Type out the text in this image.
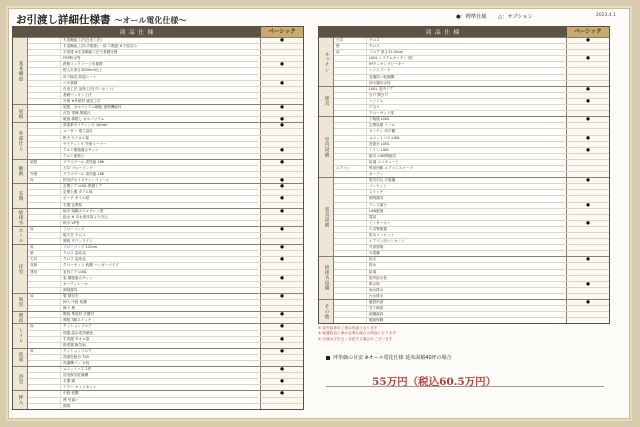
お引渡し詳細仕様書 ～オール電化仕様～	●：標準仕様 △：オプション	2023.4.1
商 品 仕 様	ベーシック
基本構造
木造軸組工法(在来工法)	●
木造軸組工法(２階建) 一部 ３階建 ※下屋含み
平屋建 ※木造軸組工法で基礎仕様
FRP防水等
鉄筋コンクリート布基礎	●
根入れ深さ300mm以上
床下換気 防湿シート
ベタ基礎	●
在来工法 金物工法(プレカット)
基礎パッキン工法
外壁 ※外壁材 通気工法
屋根
屋根：ガルバリウム鋼板 遮熱機能付	●
瓦葺 寄棟 陶器瓦
破風 鼻隠し ガルバリウム	●
外部仕上
窯業系サイディング 16mm	●
メーター 電力量計
軒天 ケイカル板
サイディング 外壁コーナー
アルミ樹脂複合サッシ	●
アルミ面格子
断熱
屋根	グラスウール 高性能 16K	●
天井 ブローイング
外壁	グラスウール 高性能 16K
床	押出法ポリスチレンフォーム	●
玄関
玄関ドア LIXIL 断熱ドア	●
玄関土間 タイル貼
ポーチ タイル貼	●
手摺 玄関框
給排水	給水 架橋ポリエチレン管	●
給水 ※ 市水道本管より引込
排水 VP管
ホール	床	フローリング	●
壁天井 クロス
照明 ダウンライト
洋室
床	フローリング 12mm	●
壁	クロス 量産品
天井	クロス 量産品	●
収納	クローゼット 枕棚 ハンガーパイプ
建具	室内ドア LIXIL
窓 樹脂複合サッシ	●
カーテンレール
照明器具
和室
床	畳 縁付き	●
押入 中段 枕棚
障子 襖
階段	階段 集成材 手摺付	●
照明 3路スイッチ
トイレ
床	クッションフロア	●
便器 温水洗浄便座
手洗器 タオル掛	●
紙巻器 換気扇
洗面
床	クッションフロア	●
洗面化粧台 750
洗濯機パン 水栓
浴室
ユニットバス 1坪	●
浴室換気乾燥機
手摺 鏡	●
ミラー キャビネット
押入
中段 枕棚	●
襖 引違い
照明
商 品 仕 様	ベーシック
キッチン
天井	クロス	●
壁	クロス
床	フロア 厚さ12.5mm
LIXIL システムキッチン I型	●
IHクッキングヒーター
レンジフード
食器洗い乾燥機
浄水器付水栓
建具
LIXIL 室内ドア	●
引戸 開き戸
ハンドル	●
戸当り
クローゼット扉
室内設備
下駄箱 LIXIL	●
玄関収納 トール
キッチン 吊戸棚
ユニットバス LIXIL	●
洗面台 LIXIL
トイレ LIXIL	●
換気 24時間換気
給湯 エコキュート
エアコン	専用回路 エアコンスリーブ
カーテン
電気設備
電気引込 分電盤	●
コンセント
スイッチ
照明器具
テレビ端子	●
LAN配線
電話
インターホン	●
火災警報器
防水コンセント
エアコン用コンセント
外部照明
分電盤
給排水設備
給水	●
排水
給湯
屋外給水栓
散水栓	●
雨水排水
汚水排水
その他
確認申請	●
完了検査
地盤調査
瑕疵保険
※ 屋外給排水工事は別途となります
※ 地盤改良工事が必要な場合は別途となります
※ 仕様は予告なく変更する場合がございます
坪単価の目安 ※オール電化仕様 延床面積40坪の場合
55万円（税込60.5万円）
